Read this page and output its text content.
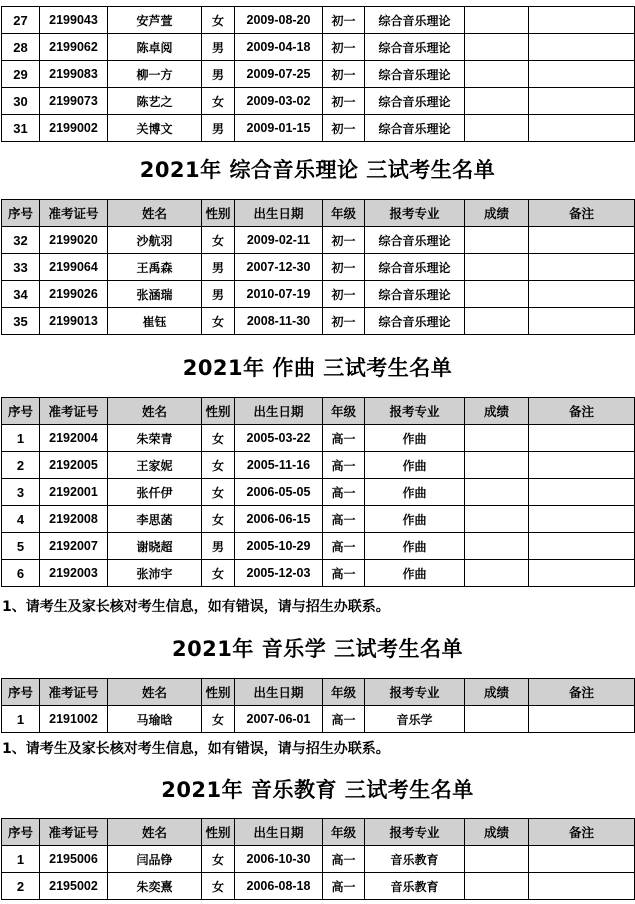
27	2199043	安芦萱	女	2009-08-20	初一	综合音乐理论		
28	2199062	陈卓阅	男	2009-04-18	初一	综合音乐理论		
29	2199083	柳一方	男	2009-07-25	初一	综合音乐理论		
30	2199073	陈艺之	女	2009-03-02	初一	综合音乐理论		
31	2199002	关博文	男	2009-01-15	初一	综合音乐理论		
2021年 综合音乐理论 三试考生名单
序号	准考证号	姓名	性别	出生日期	年级	报考专业	成绩	备注
32	2199020	沙航羽	女	2009-02-11	初一	综合音乐理论		
33	2199064	王禹森	男	2007-12-30	初一	综合音乐理论		
34	2199026	张涵瑞	男	2010-07-19	初一	综合音乐理论		
35	2199013	崔钰	女	2008-11-30	初一	综合音乐理论		
2021年 作曲 三试考生名单
序号	准考证号	姓名	性别	出生日期	年级	报考专业	成绩	备注
1	2192004	朱荣青	女	2005-03-22	高一	作曲		
2	2192005	王家妮	女	2005-11-16	高一	作曲		
3	2192001	张仟伊	女	2006-05-05	高一	作曲		
4	2192008	李思菡	女	2006-06-15	高一	作曲		
5	2192007	谢晓超	男	2005-10-29	高一	作曲		
6	2192003	张沛宇	女	2005-12-03	高一	作曲		
1、请考生及家长核对考生信息，如有错误，请与招生办联系。
2021年 音乐学 三试考生名单
序号	准考证号	姓名	性别	出生日期	年级	报考专业	成绩	备注
1	2191002	马瑜晗	女	2007-06-01	高一	音乐学		
1、请考生及家长核对考生信息，如有错误，请与招生办联系。
2021年 音乐教育 三试考生名单
序号	准考证号	姓名	性别	出生日期	年级	报考专业	成绩	备注
1	2195006	闫品铮	女	2006-10-30	高一	音乐教育		
2	2195002	朱奕熹	女	2006-08-18	高一	音乐教育		
